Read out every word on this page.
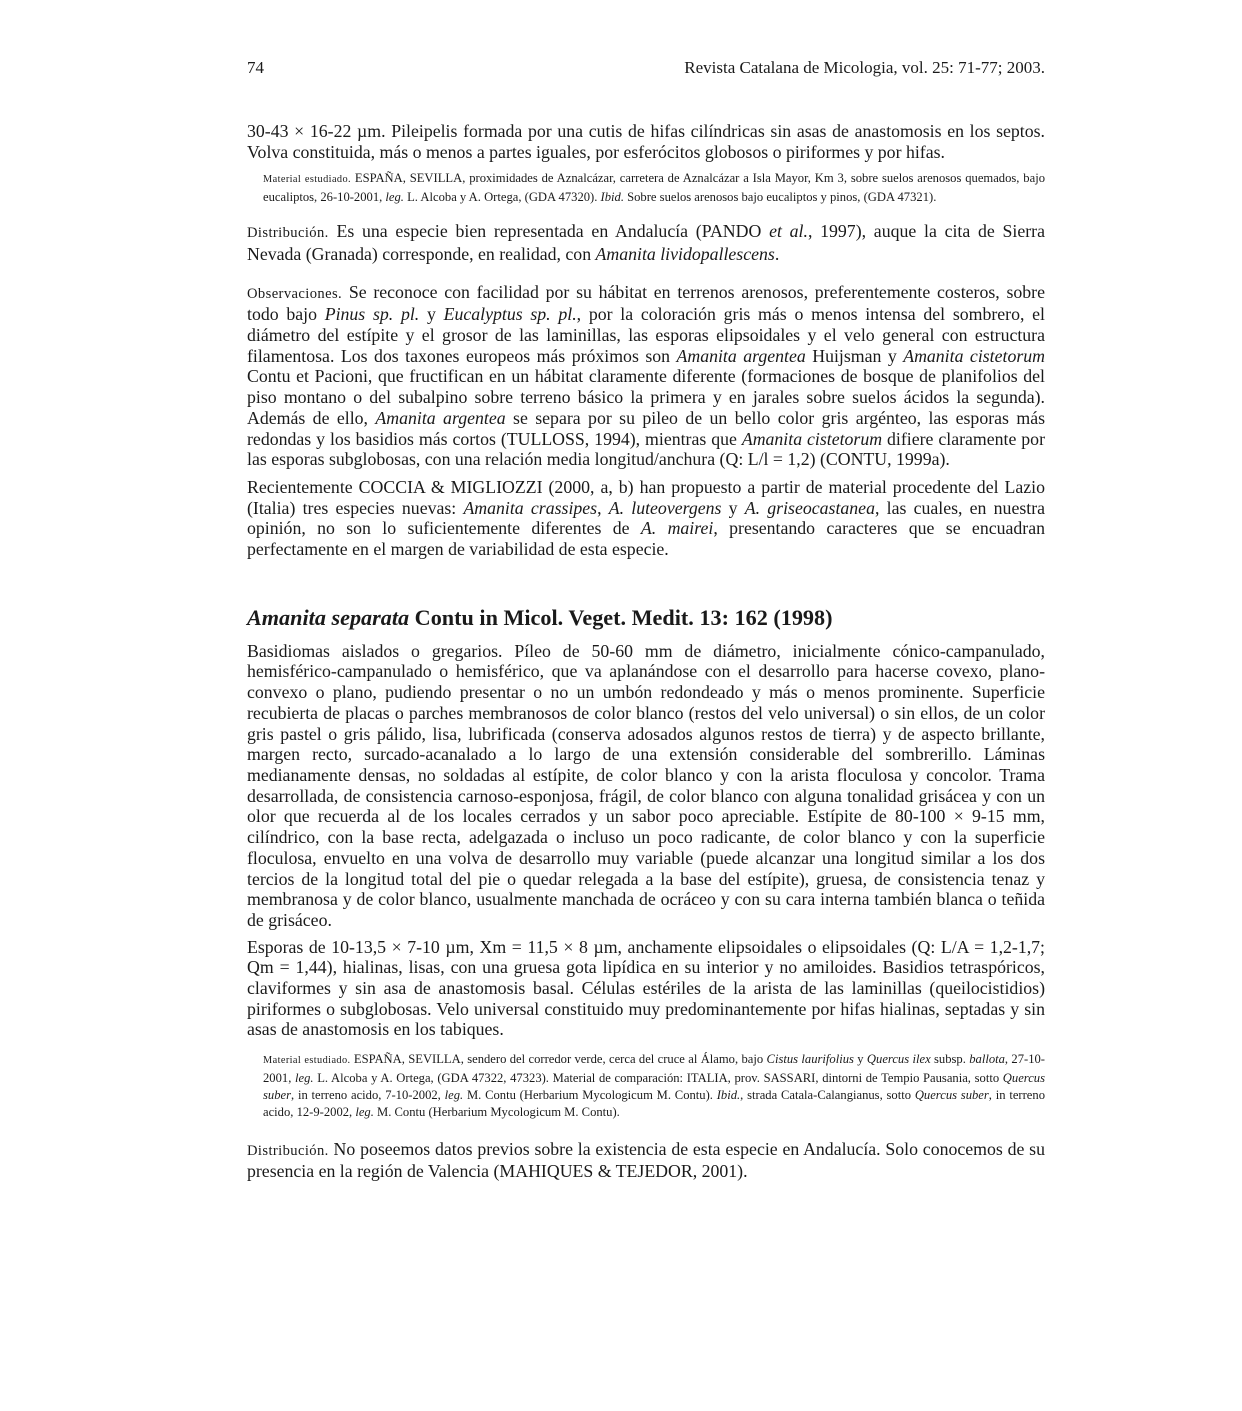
74	Revista Catalana de Micologia, vol. 25: 71-77; 2003.

30-43 × 16-22 µm. Pileipelis formada por una cutis de hifas cilíndricas sin asas de anastomosis en los septos. Volva constituida, más o menos a partes iguales, por esferócitos globosos o piriformes y por hifas.

Material estudiado. ESPAÑA, SEVILLA, proximidades de Aznalcázar, carretera de Aznalcázar a Isla Mayor, Km 3, sobre suelos arenosos quemados, bajo eucaliptos, 26-10-2001, leg. L. Alcoba y A. Ortega, (GDA 47320). Ibid. Sobre suelos arenosos bajo eucaliptos y pinos, (GDA 47321).

Distribución. Es una especie bien representada en Andalucía (PANDO et al., 1997), auque la cita de Sierra Nevada (Granada) corresponde, en realidad, con Amanita lividopallescens.

Observaciones. Se reconoce con facilidad por su hábitat en terrenos arenosos, preferentemente costeros, sobre todo bajo Pinus sp. pl. y Eucalyptus sp. pl., por la coloración gris más o menos intensa del sombrero, el diámetro del estípite y el grosor de las laminillas, las esporas elipsoidales y el velo general con estructura filamentosa. Los dos taxones europeos más próximos son Amanita argentea Huijsman y Amanita cistetorum Contu et Pacioni, que fructifican en un hábitat claramente diferente (formaciones de bosque de planifolios del piso montano o del subalpino sobre terreno básico la primera y en jarales sobre suelos ácidos la segunda). Además de ello, Amanita argentea se separa por su pileo de un bello color gris argénteo, las esporas más redondas y los basidios más cortos (TULLOSS, 1994), mientras que Amanita cistetorum difiere claramente por las esporas subglobosas, con una relación media longitud/anchura (Q: L/l = 1,2) (CONTU, 1999a).

Recientemente COCCIA & MIGLIOZZI (2000, a, b) han propuesto a partir de material procedente del Lazio (Italia) tres especies nuevas: Amanita crassipes, A. luteovergens y A. griseocastanea, las cuales, en nuestra opinión, no son lo suficientemente diferentes de A. mairei, presentando caracteres que se encuadran perfectamente en el margen de variabilidad de esta especie.

Amanita separata Contu in Micol. Veget. Medit. 13: 162 (1998)

Basidiomas aislados o gregarios. Píleo de 50-60 mm de diámetro, inicialmente cónico-campanulado, hemisférico-campanulado o hemisférico, que va aplanándose con el desarrollo para hacerse covexo, plano-convexo o plano, pudiendo presentar o no un umbón redondeado y más o menos prominente. Superficie recubierta de placas o parches membranosos de color blanco (restos del velo universal) o sin ellos, de un color gris pastel o gris pálido, lisa, lubrificada (conserva adosados algunos restos de tierra) y de aspecto brillante, margen recto, surcado-acanalado a lo largo de una extensión considerable del sombrerillo. Láminas medianamente densas, no soldadas al estípite, de color blanco y con la arista floculosa y concolor. Trama desarrollada, de consistencia carnoso-esponjosa, frágil, de color blanco con alguna tonalidad grisácea y con un olor que recuerda al de los locales cerrados y un sabor poco apreciable. Estípite de 80-100 × 9-15 mm, cilíndrico, con la base recta, adelgazada o incluso un poco radicante, de color blanco y con la superficie floculosa, envuelto en una volva de desarrollo muy variable (puede alcanzar una longitud similar a los dos tercios de la longitud total del pie o quedar relegada a la base del estípite), gruesa, de consistencia tenaz y membranosa y de color blanco, usualmente manchada de ocráceo y con su cara interna también blanca o teñida de grisáceo.

Esporas de 10-13,5 × 7-10 µm, Xm = 11,5 × 8 µm, anchamente elipsoidales o elipsoidales (Q: L/A = 1,2-1,7; Qm = 1,44), hialinas, lisas, con una gruesa gota lipídica en su interior y no amiloides. Basidios tetraspóricos, claviformes y sin asa de anastomosis basal. Células estériles de la arista de las laminillas (queilocistidios) piriformes o subglobosas. Velo universal constituido muy predominantemente por hifas hialinas, septadas y sin asas de anastomosis en los tabiques.

Material estudiado. ESPAÑA, SEVILLA, sendero del corredor verde, cerca del cruce al Álamo, bajo Cistus laurifolius y Quercus ilex subsp. ballota, 27-10-2001, leg. L. Alcoba y A. Ortega, (GDA 47322, 47323). Material de comparación: ITALIA, prov. SASSARI, dintorni de Tempio Pausania, sotto Quercus suber, in terreno acido, 7-10-2002, leg. M. Contu (Herbarium Mycologicum M. Contu). Ibid., strada Catala-Calangianus, sotto Quercus suber, in terreno acido, 12-9-2002, leg. M. Contu (Herbarium Mycologicum M. Contu).

Distribución. No poseemos datos previos sobre la existencia de esta especie en Andalucía. Solo conocemos de su presencia en la región de Valencia (MAHIQUES & TEJEDOR, 2001).
